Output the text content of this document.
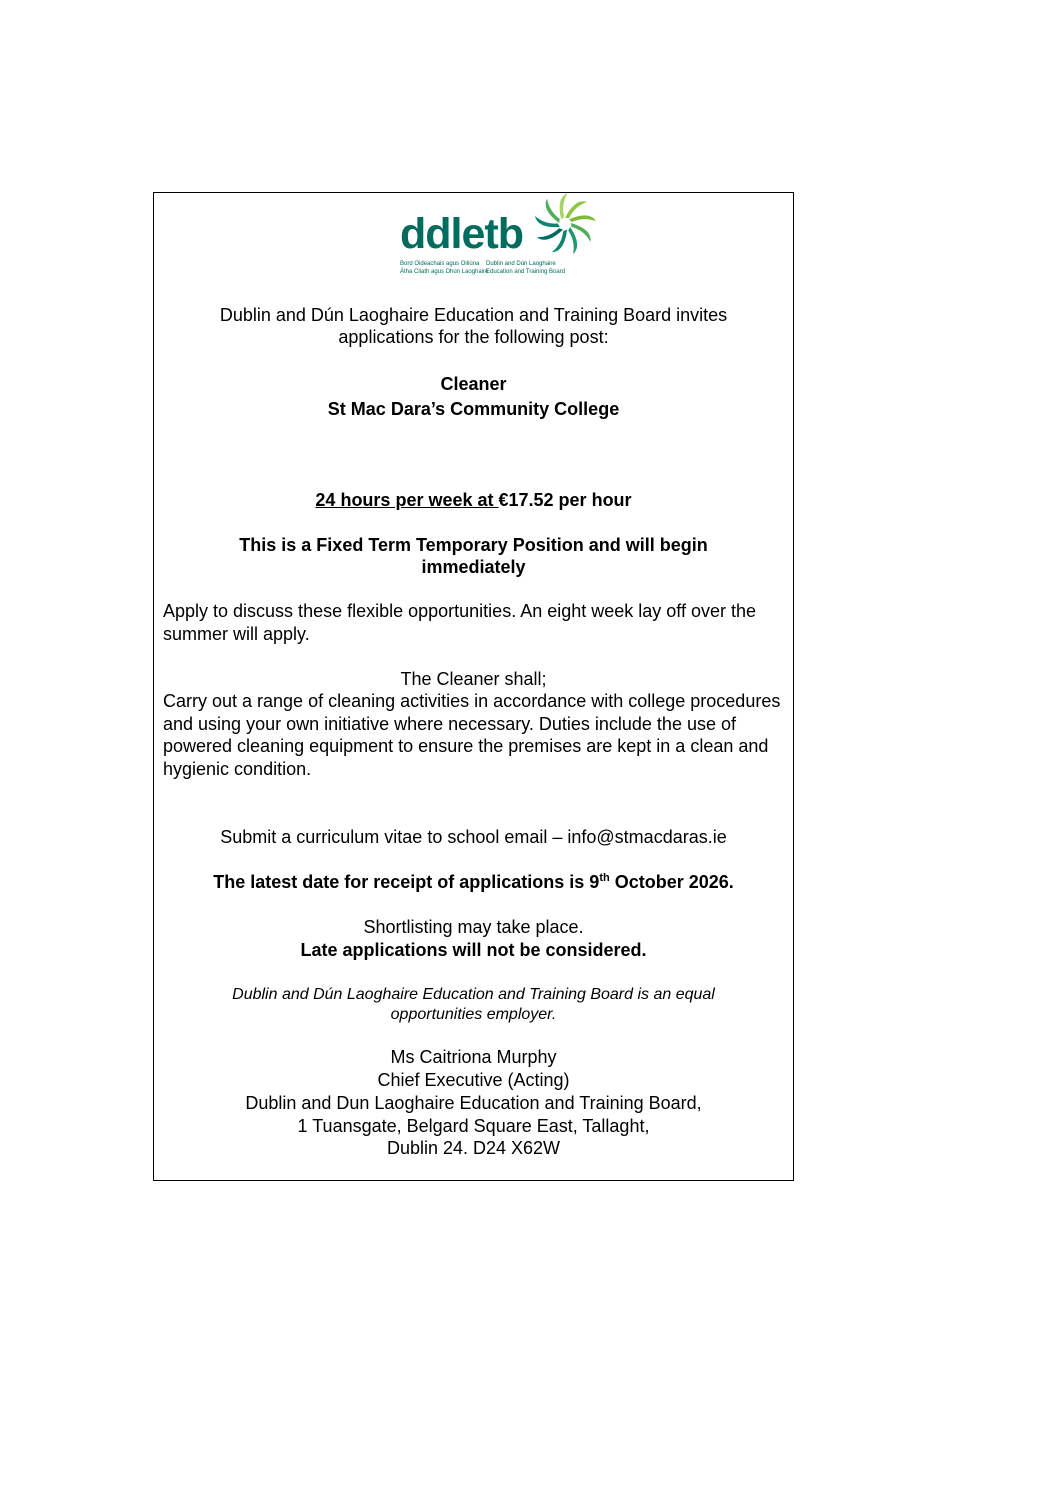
ddletb
Bord Oideachais agus Oiliúna
Átha Cliath agus Dhún Laoghaire
Dublin and Dún Laoghaire
Education and Training Board
Dublin and Dún Laoghaire Education and Training Board invites
applications for the following post:
Cleaner
St Mac Dara’s Community College
24 hours per week at €17.52 per hour
This is a Fixed Term Temporary Position and will begin
immediately
Apply to discuss these flexible opportunities. An eight week lay off over the summer will apply.
The Cleaner shall;
Carry out a range of cleaning activities in accordance with college procedures and using your own initiative where necessary. Duties include the use of powered cleaning equipment to ensure the premises are kept in a clean and hygienic condition.
Submit a curriculum vitae to school email – info@stmacdaras.ie
The latest date for receipt of applications is 9th October 2026.
Shortlisting may take place.
Late applications will not be considered.
Dublin and Dún Laoghaire Education and Training Board is an equal
opportunities employer.
Ms Caitriona Murphy
Chief Executive (Acting)
Dublin and Dun Laoghaire Education and Training Board,
1 Tuansgate, Belgard Square East, Tallaght,
Dublin 24. D24 X62W
